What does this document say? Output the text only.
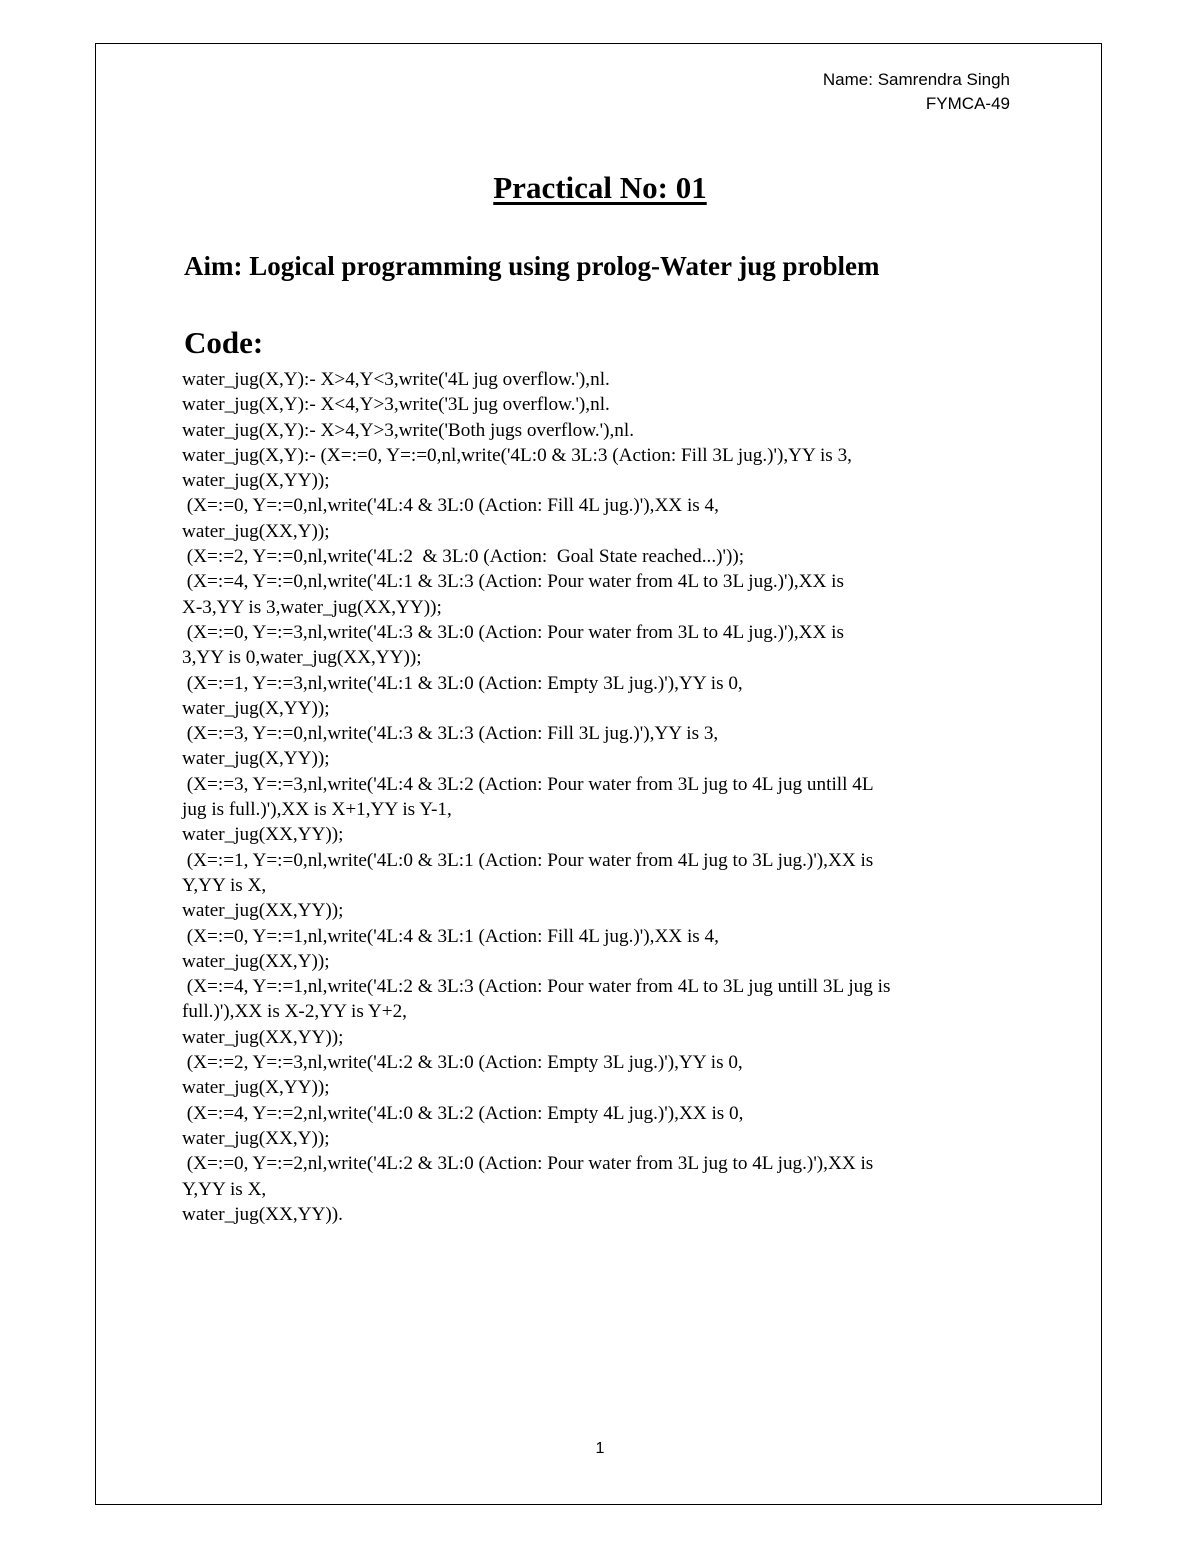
Name: Samrendra Singh
FYMCA-49
Practical No: 01
Aim: Logical programming using prolog-Water jug problem
Code:
water_jug(X,Y):- X>4,Y<3,write('4L jug overflow.'),nl.
water_jug(X,Y):- X<4,Y>3,write('3L jug overflow.'),nl.
water_jug(X,Y):- X>4,Y>3,write('Both jugs overflow.'),nl.
water_jug(X,Y):- (X=:=0, Y=:=0,nl,write('4L:0 & 3L:3 (Action: Fill 3L jug.)'),YY is 3,
water_jug(X,YY));
(X=:=0, Y=:=0,nl,write('4L:4 & 3L:0 (Action: Fill 4L jug.)'),XX is 4,
water_jug(XX,Y));
(X=:=2, Y=:=0,nl,write('4L:2  & 3L:0 (Action:  Goal State reached...)'));
(X=:=4, Y=:=0,nl,write('4L:1 & 3L:3 (Action: Pour water from 4L to 3L jug.)'),XX is
X-3,YY is 3,water_jug(XX,YY));
(X=:=0, Y=:=3,nl,write('4L:3 & 3L:0 (Action: Pour water from 3L to 4L jug.)'),XX is
3,YY is 0,water_jug(XX,YY));
(X=:=1, Y=:=3,nl,write('4L:1 & 3L:0 (Action: Empty 3L jug.)'),YY is 0,
water_jug(X,YY));
(X=:=3, Y=:=0,nl,write('4L:3 & 3L:3 (Action: Fill 3L jug.)'),YY is 3,
water_jug(X,YY));
(X=:=3, Y=:=3,nl,write('4L:4 & 3L:2 (Action: Pour water from 3L jug to 4L jug untill 4L
jug is full.)'),XX is X+1,YY is Y-1,
water_jug(XX,YY));
(X=:=1, Y=:=0,nl,write('4L:0 & 3L:1 (Action: Pour water from 4L jug to 3L jug.)'),XX is
Y,YY is X,
water_jug(XX,YY));
(X=:=0, Y=:=1,nl,write('4L:4 & 3L:1 (Action: Fill 4L jug.)'),XX is 4,
water_jug(XX,Y));
(X=:=4, Y=:=1,nl,write('4L:2 & 3L:3 (Action: Pour water from 4L to 3L jug untill 3L jug is
full.)'),XX is X-2,YY is Y+2,
water_jug(XX,YY));
(X=:=2, Y=:=3,nl,write('4L:2 & 3L:0 (Action: Empty 3L jug.)'),YY is 0,
water_jug(X,YY));
(X=:=4, Y=:=2,nl,write('4L:0 & 3L:2 (Action: Empty 4L jug.)'),XX is 0,
water_jug(XX,Y));
(X=:=0, Y=:=2,nl,write('4L:2 & 3L:0 (Action: Pour water from 3L jug to 4L jug.)'),XX is
Y,YY is X,
water_jug(XX,YY)).
1
